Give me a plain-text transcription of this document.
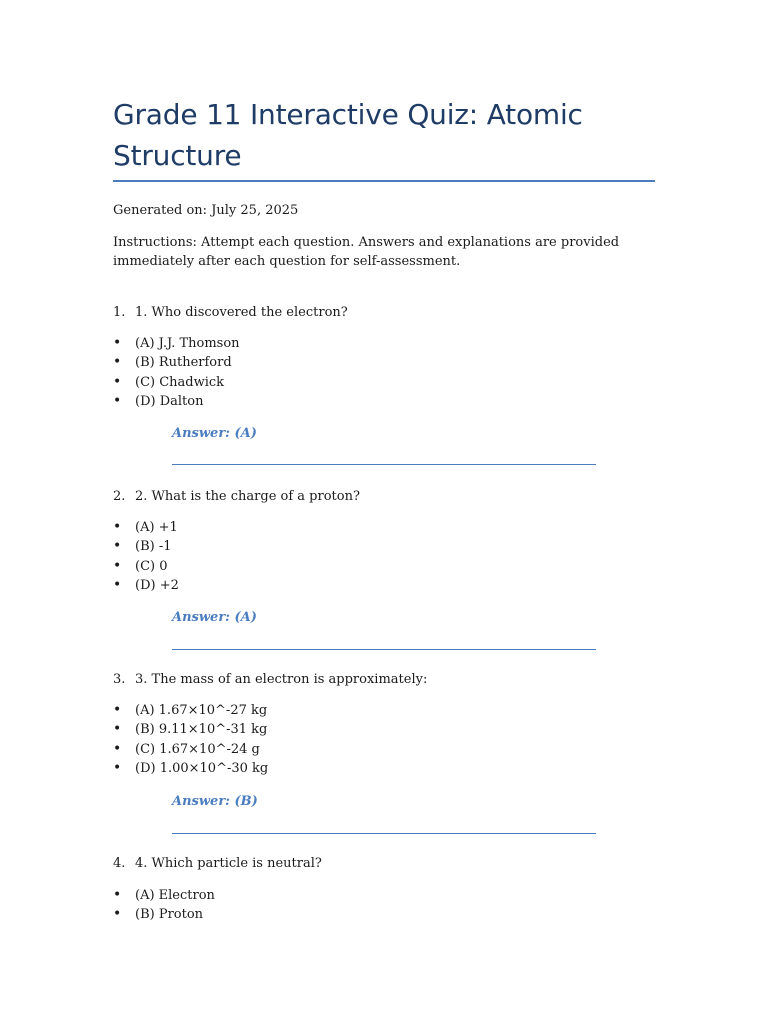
Grade 11 Interactive Quiz: Atomic Structure
Generated on: July 25, 2025
Instructions: Attempt each question. Answers and explanations are provided immediately after each question for self-assessment.
1. 1. Who discovered the electron?
• (A) J.J. Thomson
• (B) Rutherford
• (C) Chadwick
• (D) Dalton
Answer: (A)
2. 2. What is the charge of a proton?
• (A) +1
• (B) -1
• (C) 0
• (D) +2
Answer: (A)
3. 3. The mass of an electron is approximately:
• (A) 1.67×10^-27 kg
• (B) 9.11×10^-31 kg
• (C) 1.67×10^-24 g
• (D) 1.00×10^-30 kg
Answer: (B)
4. 4. Which particle is neutral?
• (A) Electron
• (B) Proton
